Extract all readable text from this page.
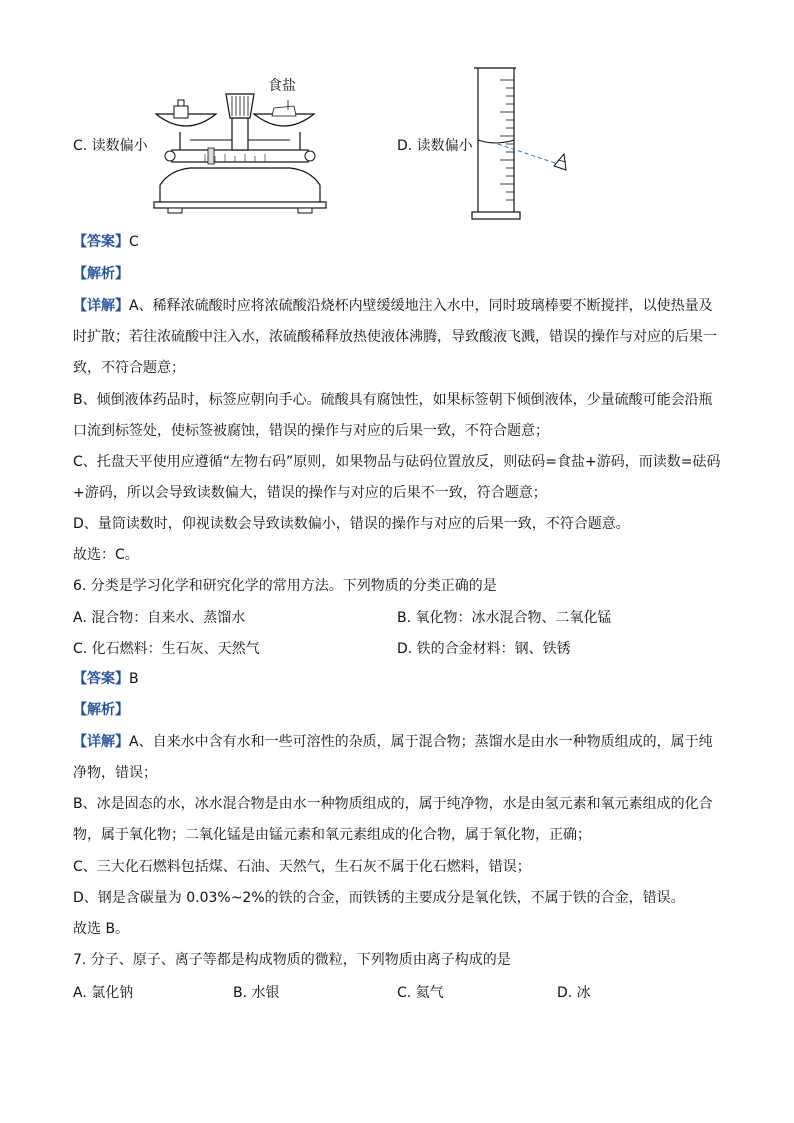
C. 读数偏小
食盐
D. 读数偏小
【答案】C
【解析】
【详解】A、稀释浓硫酸时应将浓硫酸沿烧杯内壁缓缓地注入水中，同时玻璃棒要不断搅拌，以使热量及
时扩散；若往浓硫酸中注入水，浓硫酸稀释放热使液体沸腾，导致酸液飞溅，错误的操作与对应的后果一
致，不符合题意；
B、倾倒液体药品时，标签应朝向手心。硫酸具有腐蚀性，如果标签朝下倾倒液体，少量硫酸可能会沿瓶
口流到标签处，使标签被腐蚀，错误的操作与对应的后果一致，不符合题意；
C、托盘天平使用应遵循“左物右码”原则，如果物品与砝码位置放反，则砝码=食盐+游码，而读数=砝码
+游码，所以会导致读数偏大，错误的操作与对应的后果不一致，符合题意；
D、量筒读数时，仰视读数会导致读数偏小，错误的操作与对应的后果一致，不符合题意。
故选：C。
6. 分类是学习化学和研究化学的常用方法。下列物质的分类正确的是
A. 混合物：自来水、蒸馏水	B. 氧化物：冰水混合物、二氧化锰
C. 化石燃料：生石灰、天然气	D. 铁的合金材料：钢、铁锈
【答案】B
【解析】
【详解】A、自来水中含有水和一些可溶性的杂质，属于混合物；蒸馏水是由水一种物质组成的，属于纯
净物，错误；
B、冰是固态的水，冰水混合物是由水一种物质组成的，属于纯净物，水是由氢元素和氧元素组成的化合
物，属于氧化物；二氧化锰是由锰元素和氧元素组成的化合物，属于氧化物，正确；
C、三大化石燃料包括煤、石油、天然气，生石灰不属于化石燃料，错误；
D、钢是含碳量为 0.03%~2%的铁的合金，而铁锈的主要成分是氧化铁，不属于铁的合金，错误。
故选 B。
7. 分子、原子、离子等都是构成物质的微粒，下列物质由离子构成的是
A. 氯化钠	B. 水银	C. 氦气	D. 冰
